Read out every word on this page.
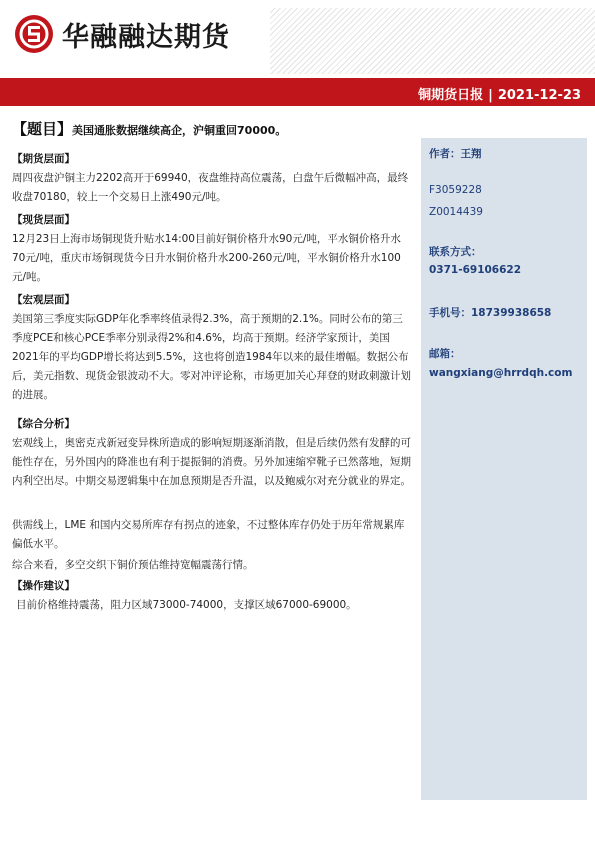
华融融达期货
铜期货日报 | 2021-12-23
【题目】美国通胀数据继续高企，沪铜重回70000。
作者：王翔
F3059228
Z0014439
联系方式：
0371-69106622
手机号：18739938658
邮箱：
wangxiang@hrrdqh.com
【期货层面】
周四夜盘沪铜主力2202高开于69940，夜盘维持高位震荡，白盘午后微幅冲高，最终收盘70180，较上一个交易日上涨490元/吨。
【现货层面】
12月23日上海市场铜现货升贴水14:00目前好铜价格升水90元/吨，平水铜价格升水70元/吨，重庆市场铜现货今日升水铜价格升水200-260元/吨，平水铜价格升水100元/吨。
【宏观层面】
美国第三季度实际GDP年化季率终值录得2.3%，高于预期的2.1%。同时公布的第三季度PCE和核心PCE季率分别录得2%和4.6%，均高于预期。经济学家预计，美国2021年的平均GDP增长将达到5.5%，这也将创造1984年以来的最佳增幅。数据公布后，美元指数、现货金银波动不大。零对冲评论称，市场更加关心拜登的财政刺激计划的进展。
【综合分析】
宏观线上，奥密克戎新冠变异株所造成的影响短期逐渐消散，但是后续仍然有发酵的可能性存在，另外国内的降准也有利于提振铜的消费。另外加速缩窄靴子已然落地，短期内利空出尽。中期交易逻辑集中在加息预期是否升温，以及鲍威尔对充分就业的界定。
供需线上，LME 和国内交易所库存有拐点的迹象，不过整体库存仍处于历年常规累库偏低水平。
综合来看，多空交织下铜价预估维持宽幅震荡行情。
【操作建议】
目前价格维持震荡，阻力区域73000-74000，支撑区域67000-69000。
